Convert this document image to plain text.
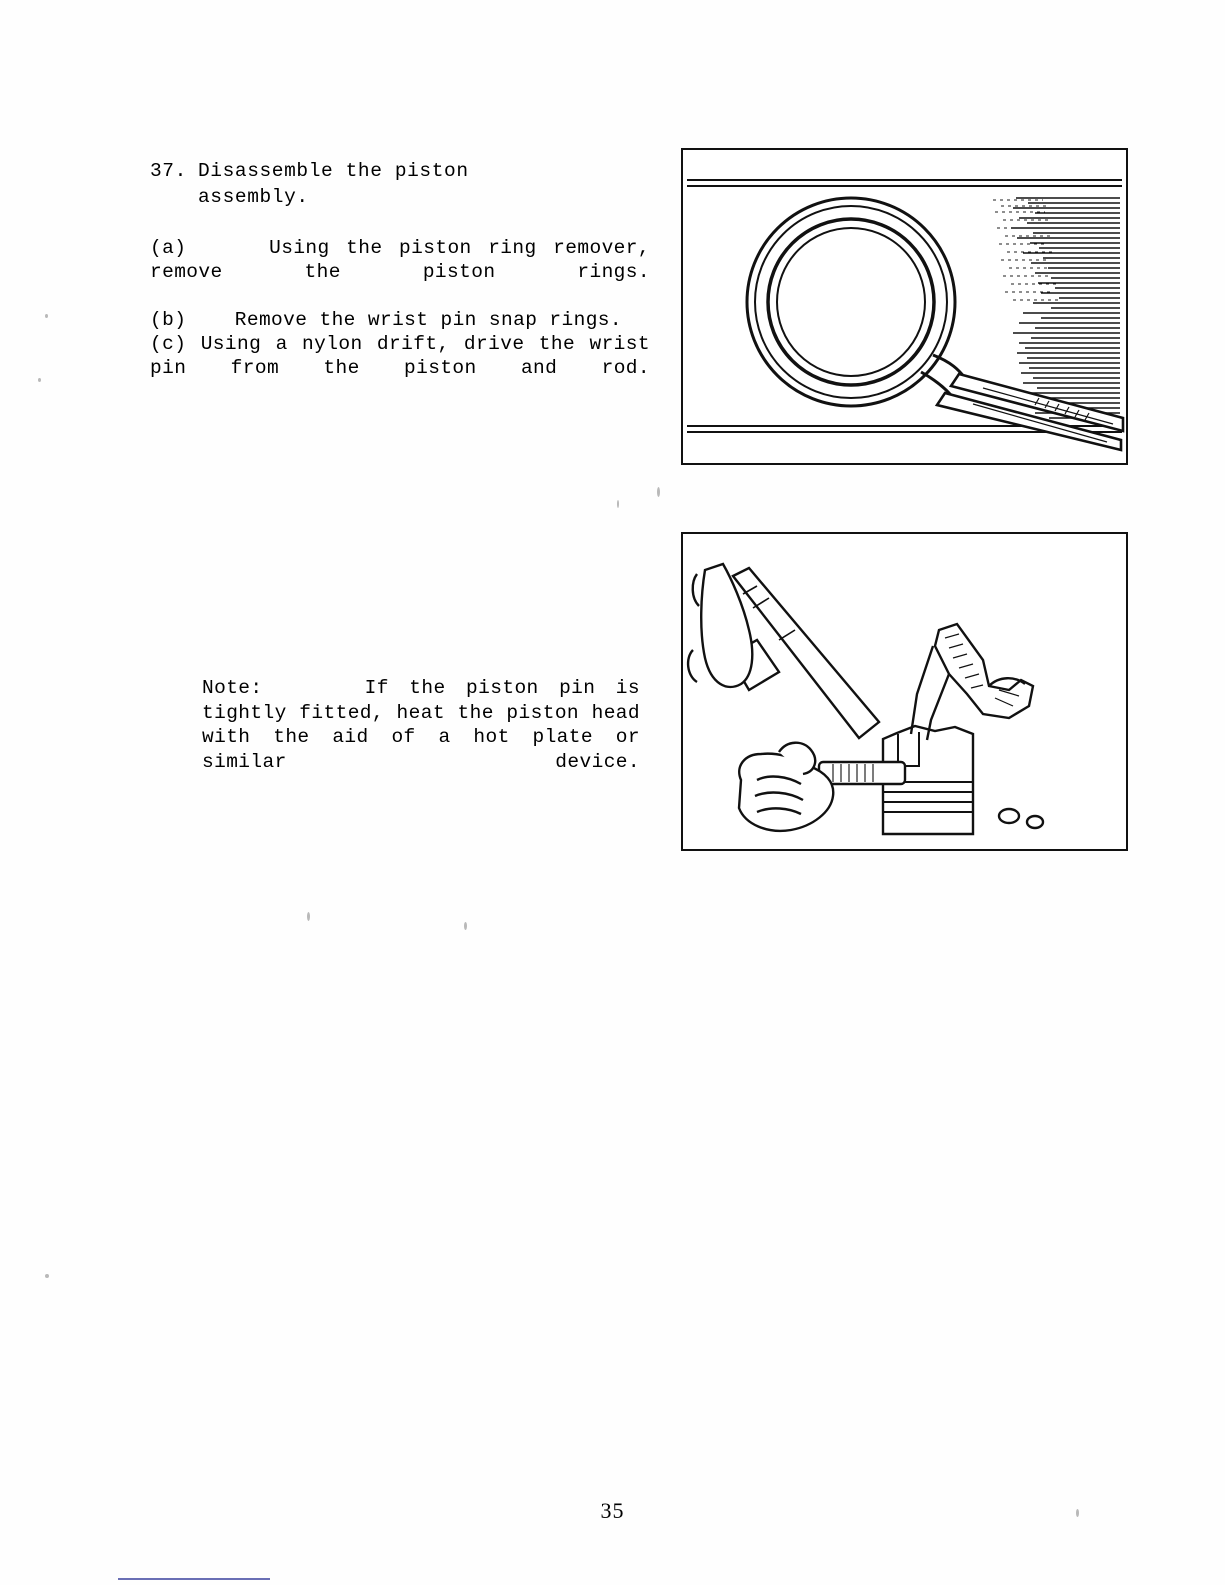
37. Disassemble the piston
assembly.
(a)	Using the piston ring remover, remove the piston rings.
(b) Remove the wrist pin snap rings.
(c) Using a nylon drift, drive the wrist pin from the piston and rod.
Note:	If the piston pin is tightly fitted, heat the piston head with the aid of a hot plate or similar device.
35
